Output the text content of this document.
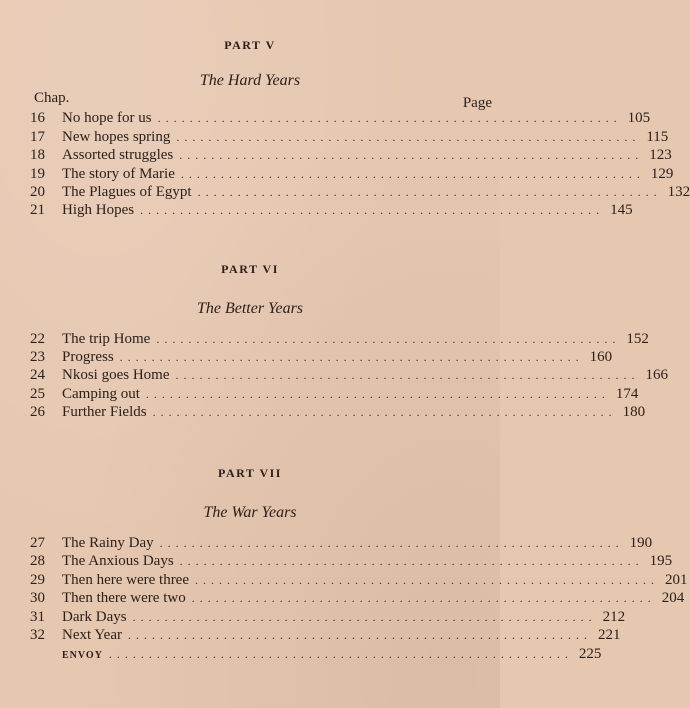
PART V
The Hard Years
Chap.	Page
16	No hope for us .......................................................... 105
17	New hopes spring .......................................................... 115
18	Assorted struggles .......................................................... 123
19	The story of Marie .......................................................... 129
20	The Plagues of Egypt .......................................................... 132
21	High Hopes .......................................................... 145
PART VI
The Better Years
22	The trip Home .......................................................... 152
23	Progress .......................................................... 160
24	Nkosi goes Home .......................................................... 166
25	Camping out .......................................................... 174
26	Further Fields .......................................................... 180
PART VII
The War Years
27	The Rainy Day .......................................................... 190
28	The Anxious Days .......................................................... 195
29	Then here were three .......................................................... 201
30	Then there were two .......................................................... 204
31	Dark Days .......................................................... 212
32	Next Year .......................................................... 221
ENVOY .......................................................... 225
